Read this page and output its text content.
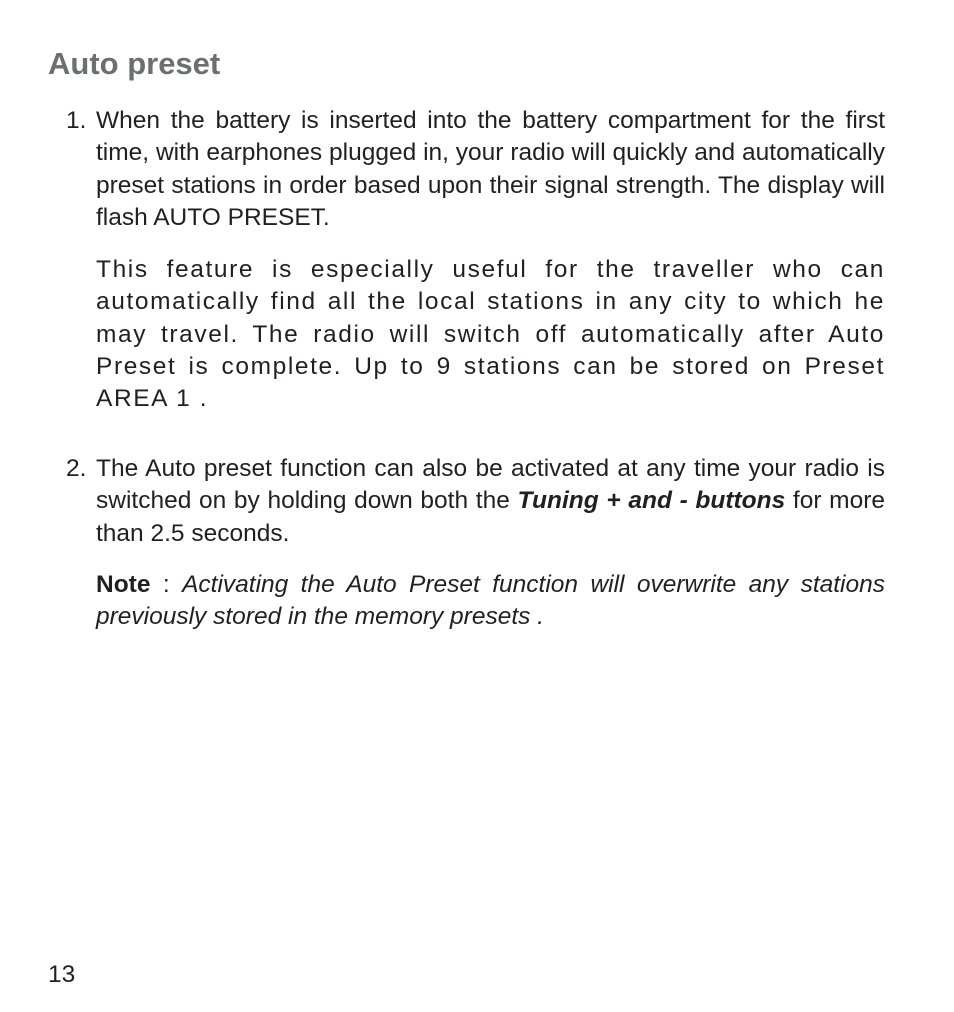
Auto preset
1. When the battery is inserted into the battery compartment for the first time, with earphones plugged in, your radio will quickly and automatically preset stations in order based upon their signal strength. The display will flash AUTO PRESET.

This feature is especially useful for the traveller who can automatically find all the local stations in any city to which he may travel. The radio will switch off automatically after Auto Preset is complete. Up to 9 stations can be stored on Preset AREA 1 .

2. The Auto preset function can also be activated at any time your radio is switched on by holding down both the Tuning + and - buttons for more than 2.5 seconds.

Note : Activating the Auto Preset function will overwrite any stations previously stored in the memory presets .

13
